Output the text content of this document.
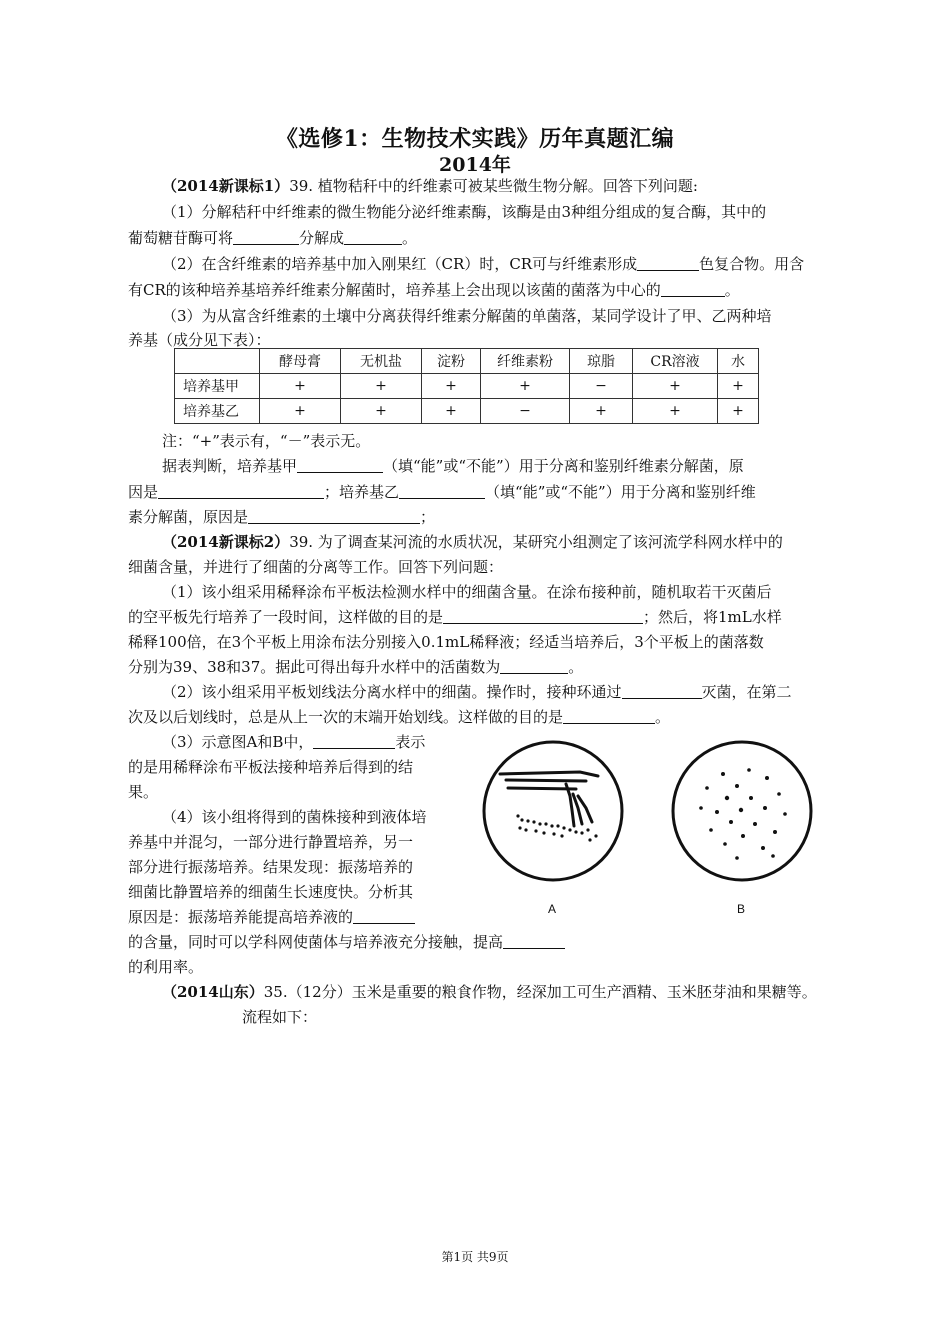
《选修1：生物技术实践》历年真题汇编
2014年
（2014新课标1）39. 植物秸秆中的纤维素可被某些微生物分解。回答下列问题:
（1）分解秸秆中纤维素的微生物能分泌纤维素酶，该酶是由3种组分组成的复合酶，其中的
葡萄糖苷酶可将	分解成	。
（2）在含纤维素的培养基中加入刚果红（CR）时，CR可与纤维素形成	色复合物。用含
有CR的该种培养基培养纤维素分解菌时，培养基上会出现以该菌的菌落为中心的	。
（3）为从富含纤维素的土壤中分离获得纤维素分解菌的单菌落，某同学设计了甲、乙两种培
养基（成分见下表）：
	酵母膏	无机盐	淀粉	纤维素粉	琼脂	CR溶液	水
培养基甲	+	+	+	+	−	+	+
培养基乙	+	+	+	−	+	+	+
注：“+”表示有，“－”表示无。
据表判断，培养基甲	（填“能”或“不能”）用于分离和鉴别纤维素分解菌，原
因是	；培养基乙	（填“能”或“不能”）用于分离和鉴别纤维
素分解菌，原因是	；
（2014新课标2）39. 为了调查某河流的水质状况，某研究小组测定了该河流学科网水样中的
细菌含量，并进行了细菌的分离等工作。回答下列问题：
（1）该小组采用稀释涂布平板法检测水样中的细菌含量。在涂布接种前，随机取若干灭菌后
的空平板先行培养了一段时间，这样做的目的是	；然后，将1mL水样
稀释100倍，在3个平板上用涂布法分别接入0.1mL稀释液；经适当培养后，3个平板上的菌落数
分别为39、38和37。据此可得出每升水样中的活菌数为	。
（2）该小组采用平板划线法分离水样中的细菌。操作时，接种环通过	灭菌，在第二
次及以后划线时，总是从上一次的末端开始划线。这样做的目的是	。
（3）示意图A和B中，	表示
的是用稀释涂布平板法接种培养后得到的结
果。
（4）该小组将得到的菌株接种到液体培
养基中并混匀，一部分进行静置培养，另一
部分进行振荡培养。结果发现：振荡培养的
细菌比静置培养的细菌生长速度快。分析其
原因是：振荡培养能提高培养液的
的含量，同时可以学科网使菌体与培养液充分接触，提高
的利用率。
A	B
（2014山东）35.（12分）玉米是重要的粮食作物，经深加工可生产酒精、玉米胚芽油和果糖等。
流程如下：
第1页 共9页
